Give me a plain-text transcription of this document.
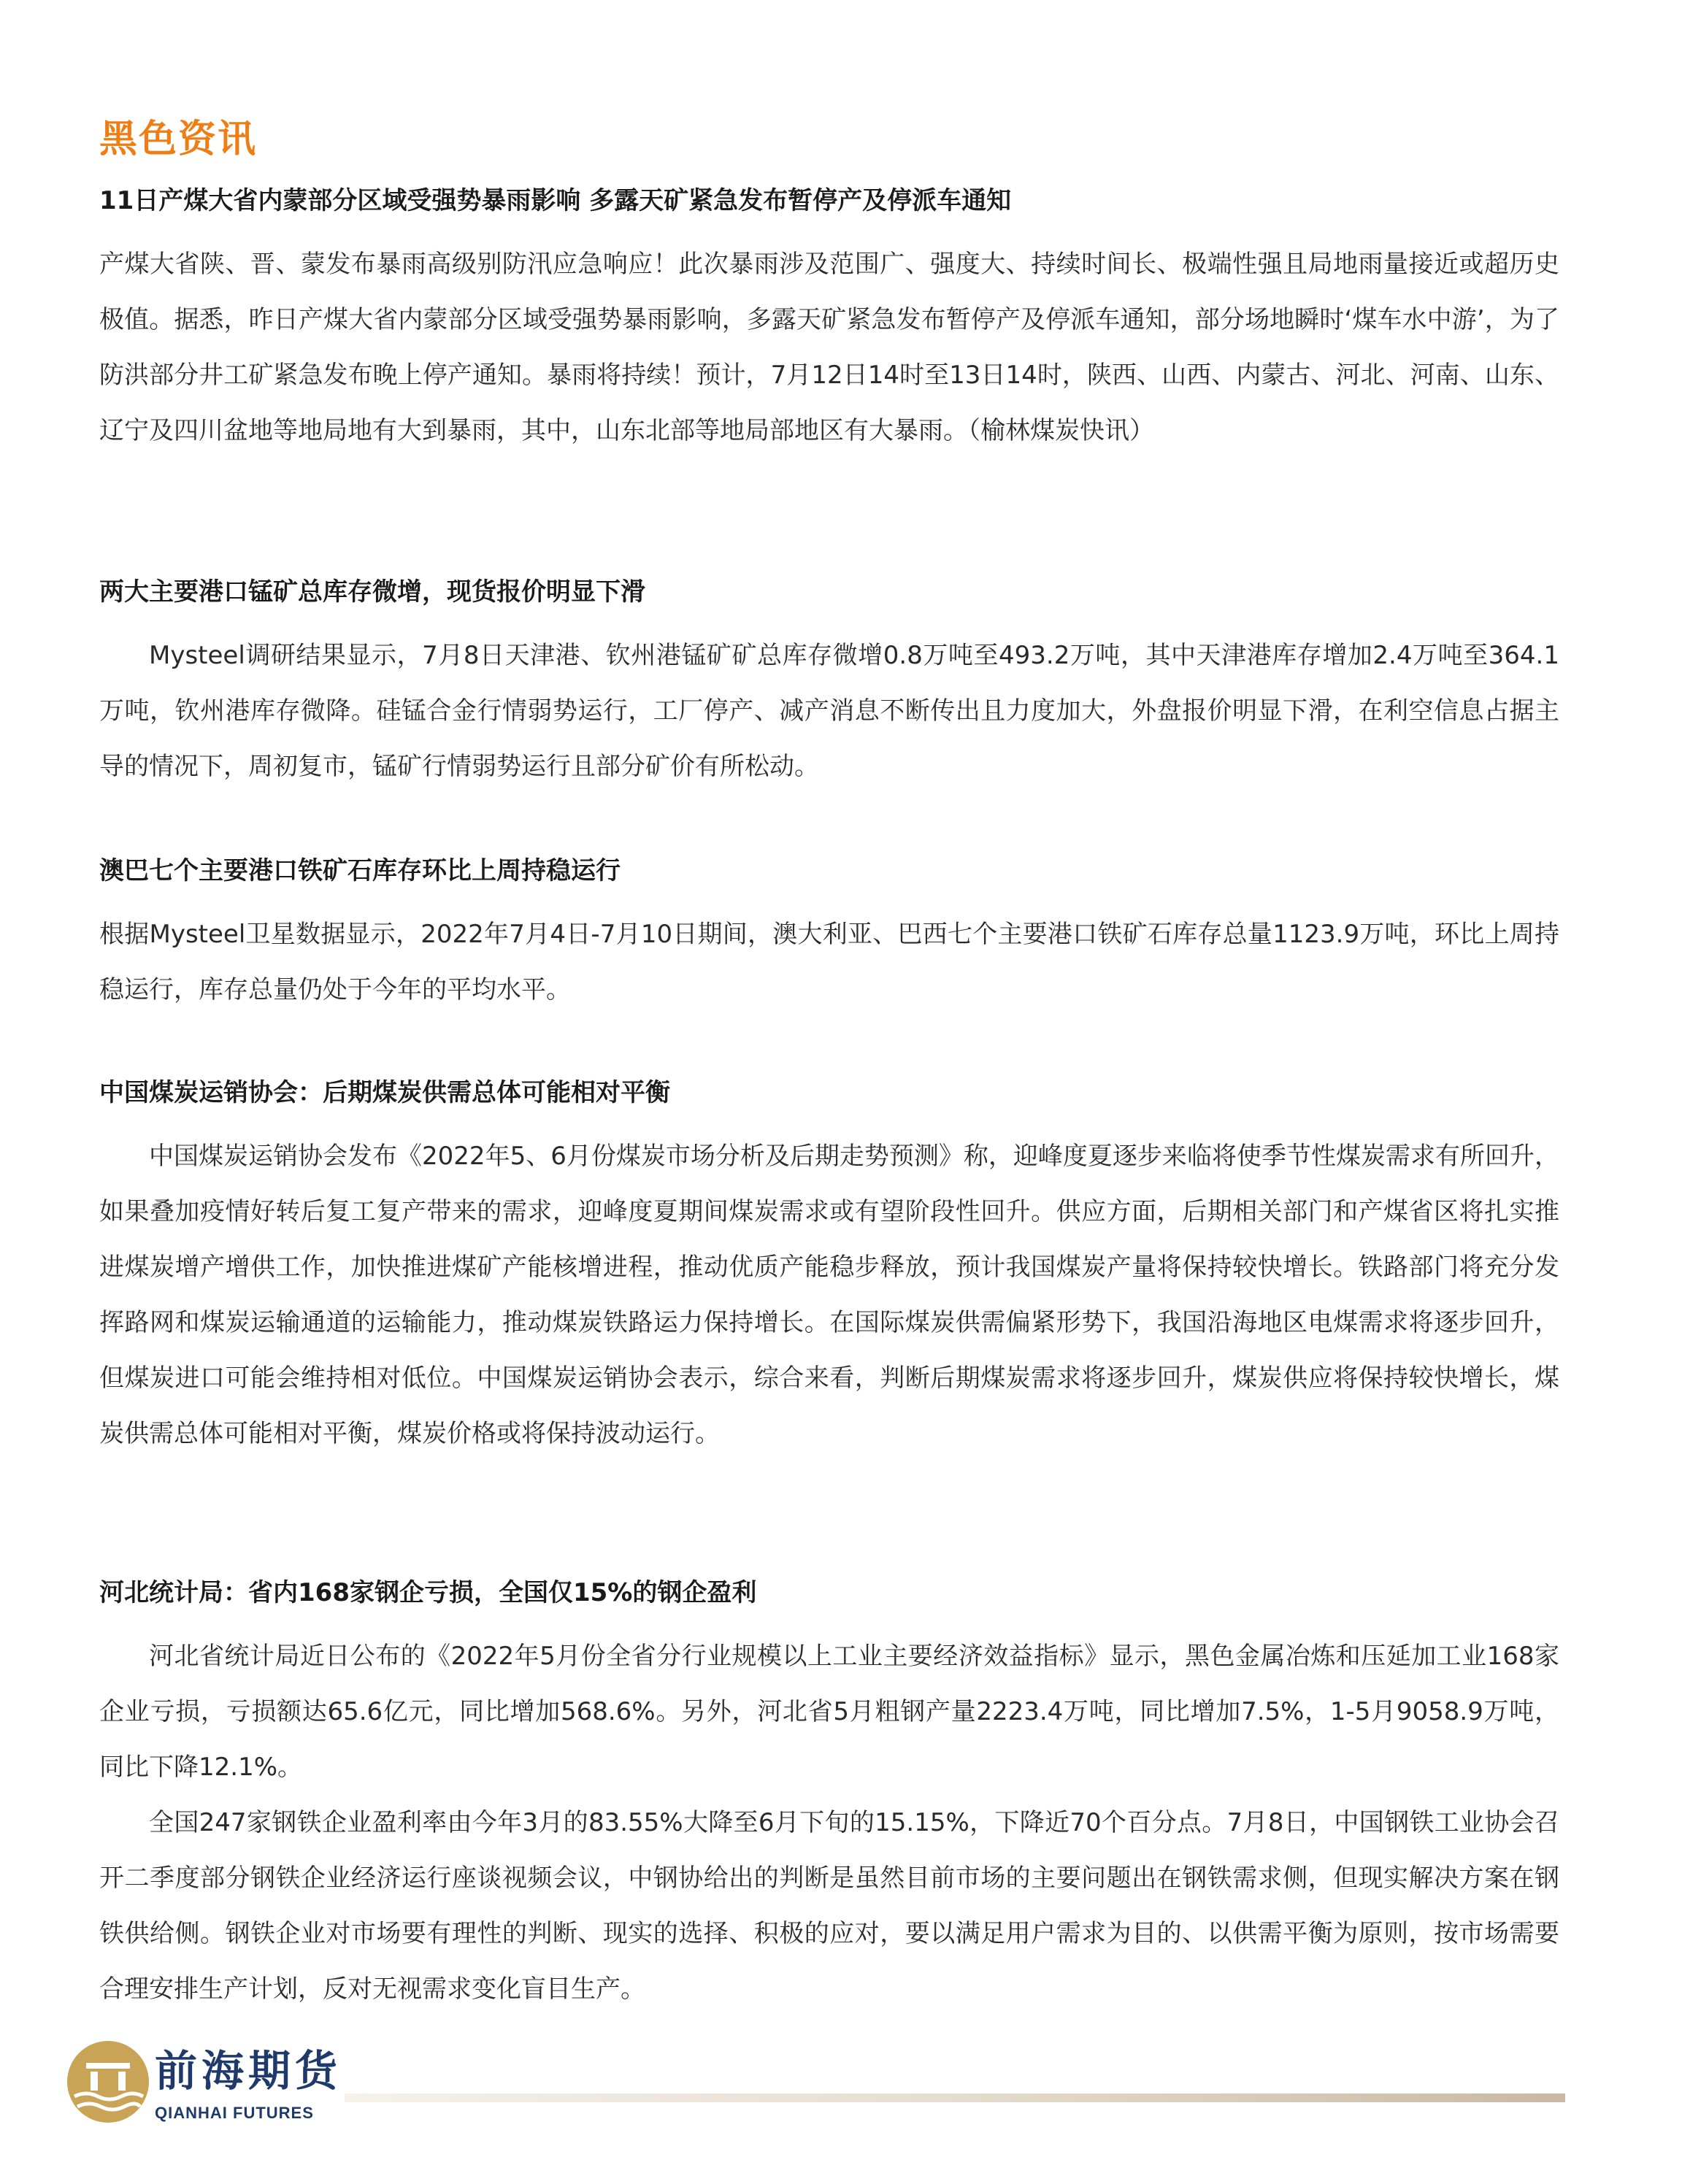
黑色资讯
11日产煤大省内蒙部分区域受强势暴雨影响 多露天矿紧急发布暂停产及停派车通知

产煤大省陕、晋、蒙发布暴雨高级别防汛应急响应！此次暴雨涉及范围广、强度大、持续时间长、极端性强且局地雨量接近或超历史极值。据悉，昨日产煤大省内蒙部分区域受强势暴雨影响，多露天矿紧急发布暂停产及停派车通知，部分场地瞬时‘煤车水中游’，为了防洪部分井工矿紧急发布晚上停产通知。暴雨将持续！预计，7月12日14时至13日14时，陕西、山西、内蒙古、河北、河南、山东、辽宁及四川盆地等地局地有大到暴雨，其中，山东北部等地局部地区有大暴雨。（榆林煤炭快讯）

两大主要港口锰矿总库存微增，现货报价明显下滑

Mysteel调研结果显示，7月8日天津港、钦州港锰矿矿总库存微增0.8万吨至493.2万吨，其中天津港库存增加2.4万吨至364.1万吨，钦州港库存微降。硅锰合金行情弱势运行，工厂停产、减产消息不断传出且力度加大，外盘报价明显下滑，在利空信息占据主导的情况下，周初复市，锰矿行情弱势运行且部分矿价有所松动。

澳巴七个主要港口铁矿石库存环比上周持稳运行

根据Mysteel卫星数据显示，2022年7月4日-7月10日期间，澳大利亚、巴西七个主要港口铁矿石库存总量1123.9万吨，环比上周持稳运行，库存总量仍处于今年的平均水平。

中国煤炭运销协会：后期煤炭供需总体可能相对平衡

中国煤炭运销协会发布《2022年5、6月份煤炭市场分析及后期走势预测》称，迎峰度夏逐步来临将使季节性煤炭需求有所回升，如果叠加疫情好转后复工复产带来的需求，迎峰度夏期间煤炭需求或有望阶段性回升。供应方面，后期相关部门和产煤省区将扎实推进煤炭增产增供工作，加快推进煤矿产能核增进程，推动优质产能稳步释放，预计我国煤炭产量将保持较快增长。铁路部门将充分发挥路网和煤炭运输通道的运输能力，推动煤炭铁路运力保持增长。在国际煤炭供需偏紧形势下，我国沿海地区电煤需求将逐步回升，但煤炭进口可能会维持相对低位。中国煤炭运销协会表示，综合来看，判断后期煤炭需求将逐步回升，煤炭供应将保持较快增长，煤炭供需总体可能相对平衡，煤炭价格或将保持波动运行。

河北统计局：省内168家钢企亏损，全国仅15%的钢企盈利

河北省统计局近日公布的《2022年5月份全省分行业规模以上工业主要经济效益指标》显示，黑色金属冶炼和压延加工业168家企业亏损，亏损额达65.6亿元，同比增加568.6%。另外，河北省5月粗钢产量2223.4万吨，同比增加7.5%，1-5月9058.9万吨，同比下降12.1%。

全国247家钢铁企业盈利率由今年3月的83.55%大降至6月下旬的15.15%，下降近70个百分点。7月8日，中国钢铁工业协会召开二季度部分钢铁企业经济运行座谈视频会议，中钢协给出的判断是虽然目前市场的主要问题出在钢铁需求侧，但现实解决方案在钢铁供给侧。钢铁企业对市场要有理性的判断、现实的选择、积极的应对，要以满足用户需求为目的、以供需平衡为原则，按市场需要合理安排生产计划，反对无视需求变化盲目生产。

前海期货
QIANHAI FUTURES
